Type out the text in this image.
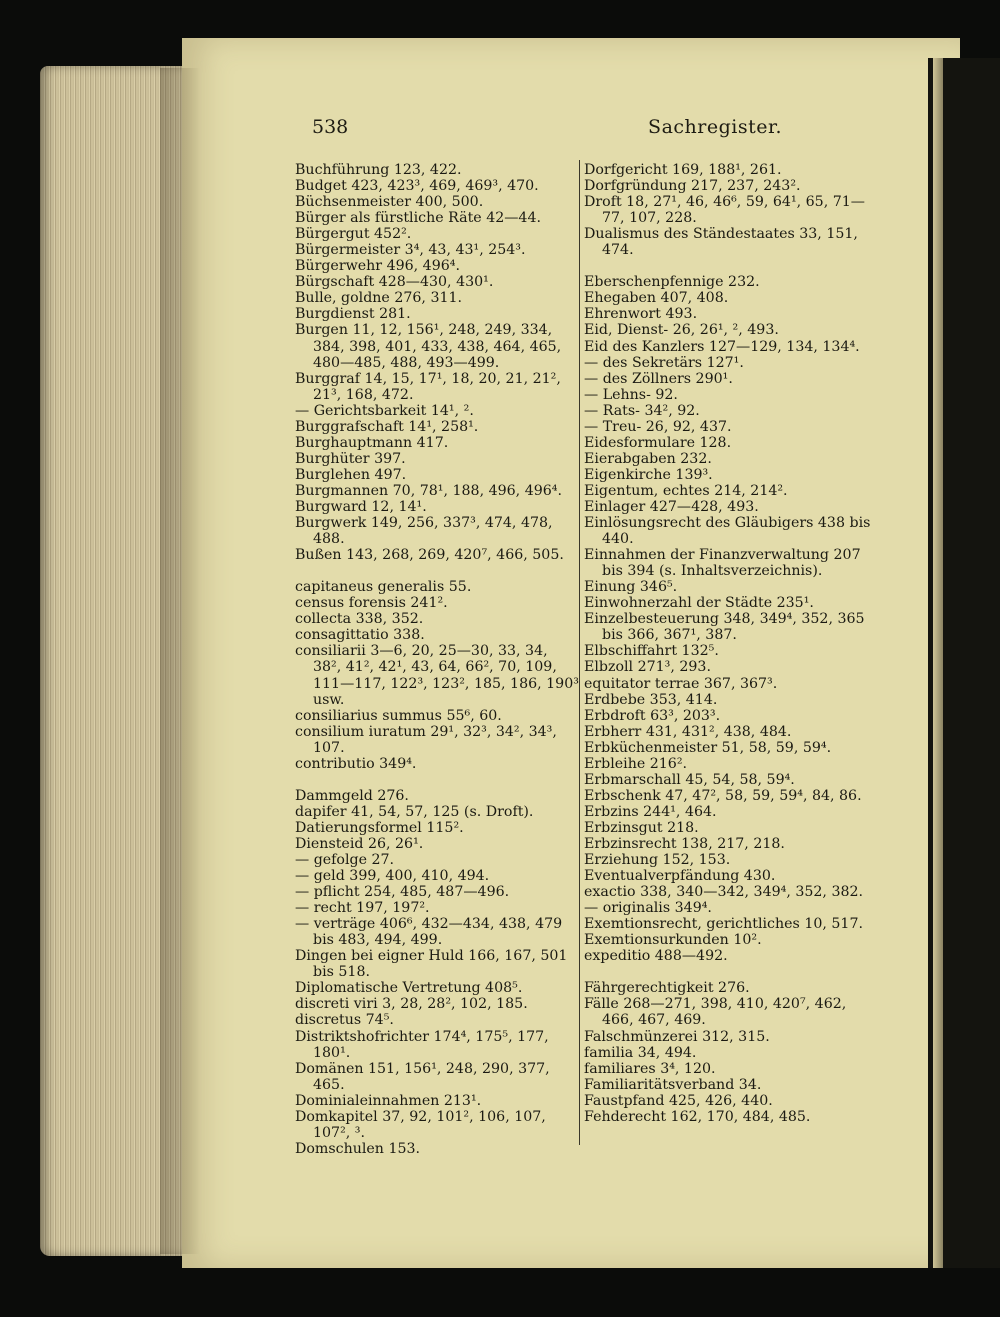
538	Sachregister.
Buchführung 123, 422.
Budget 423, 423³, 469, 469³, 470.
Büchsenmeister 400, 500.
Bürger als fürstliche Räte 42—44.
Bürgergut 452².
Bürgermeister 3⁴, 43, 43¹, 254³.
Bürgerwehr 496, 496⁴.
Bürgschaft 428—430, 430¹.
Bulle, goldne 276, 311.
Burgdienst 281.
Burgen 11, 12, 156¹, 248, 249, 334, 384, 398, 401, 433, 438, 464, 465, 480—485, 488, 493—499.
Burggraf 14, 15, 17¹, 18, 20, 21, 21², 21³, 168, 472.
— Gerichtsbarkeit 14¹, ².
Burggrafschaft 14¹, 258¹.
Burghauptmann 417.
Burghüter 397.
Burglehen 497.
Burgmannen 70, 78¹, 188, 496, 496⁴.
Burgward 12, 14¹.
Burgwerk 149, 256, 337³, 474, 478, 488.
Bußen 143, 268, 269, 420⁷, 466, 505.
capitaneus generalis 55.
census forensis 241².
collecta 338, 352.
consagittatio 338.
consiliarii 3—6, 20, 25—30, 33, 34, 38², 41², 42¹, 43, 64, 66², 70, 109, 111—117, 122³, 123², 185, 186, 190³ usw.
consiliarius summus 55⁶, 60.
consilium iuratum 29¹, 32³, 34², 34³, 107.
contributio 349⁴.
Dammgeld 276.
dapifer 41, 54, 57, 125 (s. Droft).
Datierungsformel 115².
Diensteid 26, 26¹.
— gefolge 27.
— geld 399, 400, 410, 494.
— pflicht 254, 485, 487—496.
— recht 197, 197².
— verträge 406⁶, 432—434, 438, 479 bis 483, 494, 499.
Dingen bei eigner Huld 166, 167, 501 bis 518.
Diplomatische Vertretung 408⁵.
discreti viri 3, 28, 28², 102, 185.
discretus 74⁵.
Distriktshofrichter 174⁴, 175⁵, 177, 180¹.
Domänen 151, 156¹, 248, 290, 377, 465.
Dominialeinnahmen 213¹.
Domkapitel 37, 92, 101², 106, 107, 107², ³.
Domschulen 153.
Dorfgericht 169, 188¹, 261.
Dorfgründung 217, 237, 243².
Droft 18, 27¹, 46, 46⁶, 59, 64¹, 65, 71—77, 107, 228.
Dualismus des Ständestaates 33, 151, 474.
Eberschenpfennige 232.
Ehegaben 407, 408.
Ehrenwort 493.
Eid, Dienst- 26, 26¹, ², 493.
Eid des Kanzlers 127—129, 134, 134⁴.
— des Sekretärs 127¹.
— des Zöllners 290¹.
— Lehns- 92.
— Rats- 34², 92.
— Treu- 26, 92, 437.
Eidesformulare 128.
Eierabgaben 232.
Eigenkirche 139³.
Eigentum, echtes 214, 214².
Einlager 427—428, 493.
Einlösungsrecht des Gläubigers 438 bis 440.
Einnahmen der Finanzverwaltung 207 bis 394 (s. Inhaltsverzeichnis).
Einung 346⁵.
Einwohnerzahl der Städte 235¹.
Einzelbesteuerung 348, 349⁴, 352, 365 bis 366, 367¹, 387.
Elbschiffahrt 132⁵.
Elbzoll 271³, 293.
equitator terrae 367, 367³.
Erdbebe 353, 414.
Erbdroft 63³, 203³.
Erbherr 431, 431², 438, 484.
Erbküchenmeister 51, 58, 59, 59⁴.
Erbleihe 216².
Erbmarschall 45, 54, 58, 59⁴.
Erbschenk 47, 47², 58, 59, 59⁴, 84, 86.
Erbzins 244¹, 464.
Erbzinsgut 218.
Erbzinsrecht 138, 217, 218.
Erziehung 152, 153.
Eventualverpfändung 430.
exactio 338, 340—342, 349⁴, 352, 382.
— originalis 349⁴.
Exemtionsrecht, gerichtliches 10, 517.
Exemtionsurkunden 10².
expeditio 488—492.
Fährgerechtigkeit 276.
Fälle 268—271, 398, 410, 420⁷, 462, 466, 467, 469.
Falschmünzerei 312, 315.
familia 34, 494.
familiares 3⁴, 120.
Familiaritätsverband 34.
Faustpfand 425, 426, 440.
Fehderecht 162, 170, 484, 485.
